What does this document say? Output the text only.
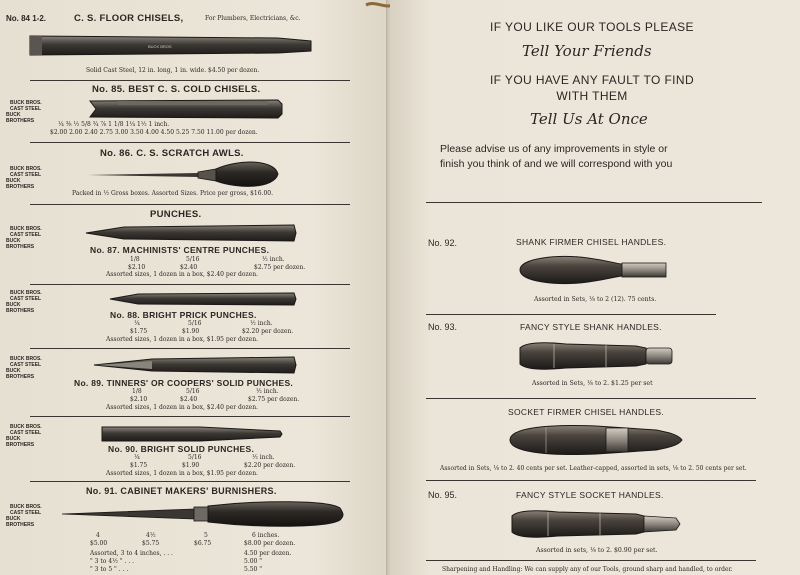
No. 84 1-2.	C. S. FLOOR CHISELS,	For Plumbers, Electricians, &c.
BUCK BROS
Solid Cast Steel, 12 in. long, 1 in. wide. $4.50 per dozen.
No. 85. BEST C. S. COLD CHISELS.
BUCK BROS.
CAST STEEL
BUCK BROTHERS	¼ ⅜ ½ 5/8 ¾ ⅞ 1 1/8 1¼ 1½ 1 inch.
$2.00 2.00 2.40 2.75 3.00 3.50 4.00 4.50 5.25 7.50 11.00 per dozen.
No. 86. C. S. SCRATCH AWLS.
BUCK BROS.
CAST STEEL
BUCK BROTHERS
Packed in ½ Gross boxes. Assorted Sizes. Price per gross, $16.00.
PUNCHES.
BUCK BROS.
CAST STEEL
BUCK BROTHERS	No. 87. MACHINISTS' CENTRE PUNCHES.
1/8	5/16	½ inch.
$2.10	$2.40	$2.75 per dozen.
Assorted sizes, 1 dozen in a box, $2.40 per dozen.
BUCK BROS.
CAST STEEL
BUCK BROTHERS	No. 88. BRIGHT PRICK PUNCHES.
¼	5/16	½ inch.
$1.75	$1.90	$2.20 per dozen.
Assorted sizes, 1 dozen in a box, $1.95 per dozen.
BUCK BROS.
CAST STEEL
BUCK BROTHERS
No. 89. TINNERS' OR COOPERS' SOLID PUNCHES.
1/8	5/16	½ inch.
$2.10	$2.40	$2.75 per dozen.
Assorted sizes, 1 dozen in a box, $2.40 per dozen.
BUCK BROS.
CAST STEEL
BUCK BROTHERS	No. 90. BRIGHT SOLID PUNCHES.
¼	5/16	½ inch.
$1.75	$1.90	$2.20 per dozen.
Assorted sizes, 1 dozen in a box, $1.95 per dozen.
No. 91. CABINET MAKERS' BURNISHERS.
BUCK BROS.
CAST STEEL
BUCK BROTHERS
4	4½	5	6 inches.
$5.00	$5.75	$6.75	$8.00 per dozen.
Assorted, 3 to 4 inches, . . .	4.50 per dozen.
" 3 to 4½ " . . .	5.00 "
" 3 to 5 " . . .	5.50 "
IF YOU LIKE OUR TOOLS PLEASE
Tell Your Friends
IF YOU HAVE ANY FAULT TO FIND
WITH THEM
Tell Us At Once
Please advise us of any improvements in style or
finish you think of and we will correspond with you
No. 92.	SHANK FIRMER CHISEL HANDLES.
Assorted in Sets, ⅛ to 2 (12). 75 cents.
No. 93.	FANCY STYLE SHANK HANDLES.
Assorted in Sets, ⅛ to 2. $1.25 per set
SOCKET FIRMER CHISEL HANDLES.
Assorted in Sets, ⅛ to 2. 40 cents per set. Leather-capped, assorted in sets, ⅛ to 2. 50 cents per set.
No. 95.	FANCY STYLE SOCKET HANDLES.
Assorted in sets, ⅛ to 2. $0.90 per set.
Sharpening and Handling: We can supply any of our Tools, ground sharp and handled, to order.
